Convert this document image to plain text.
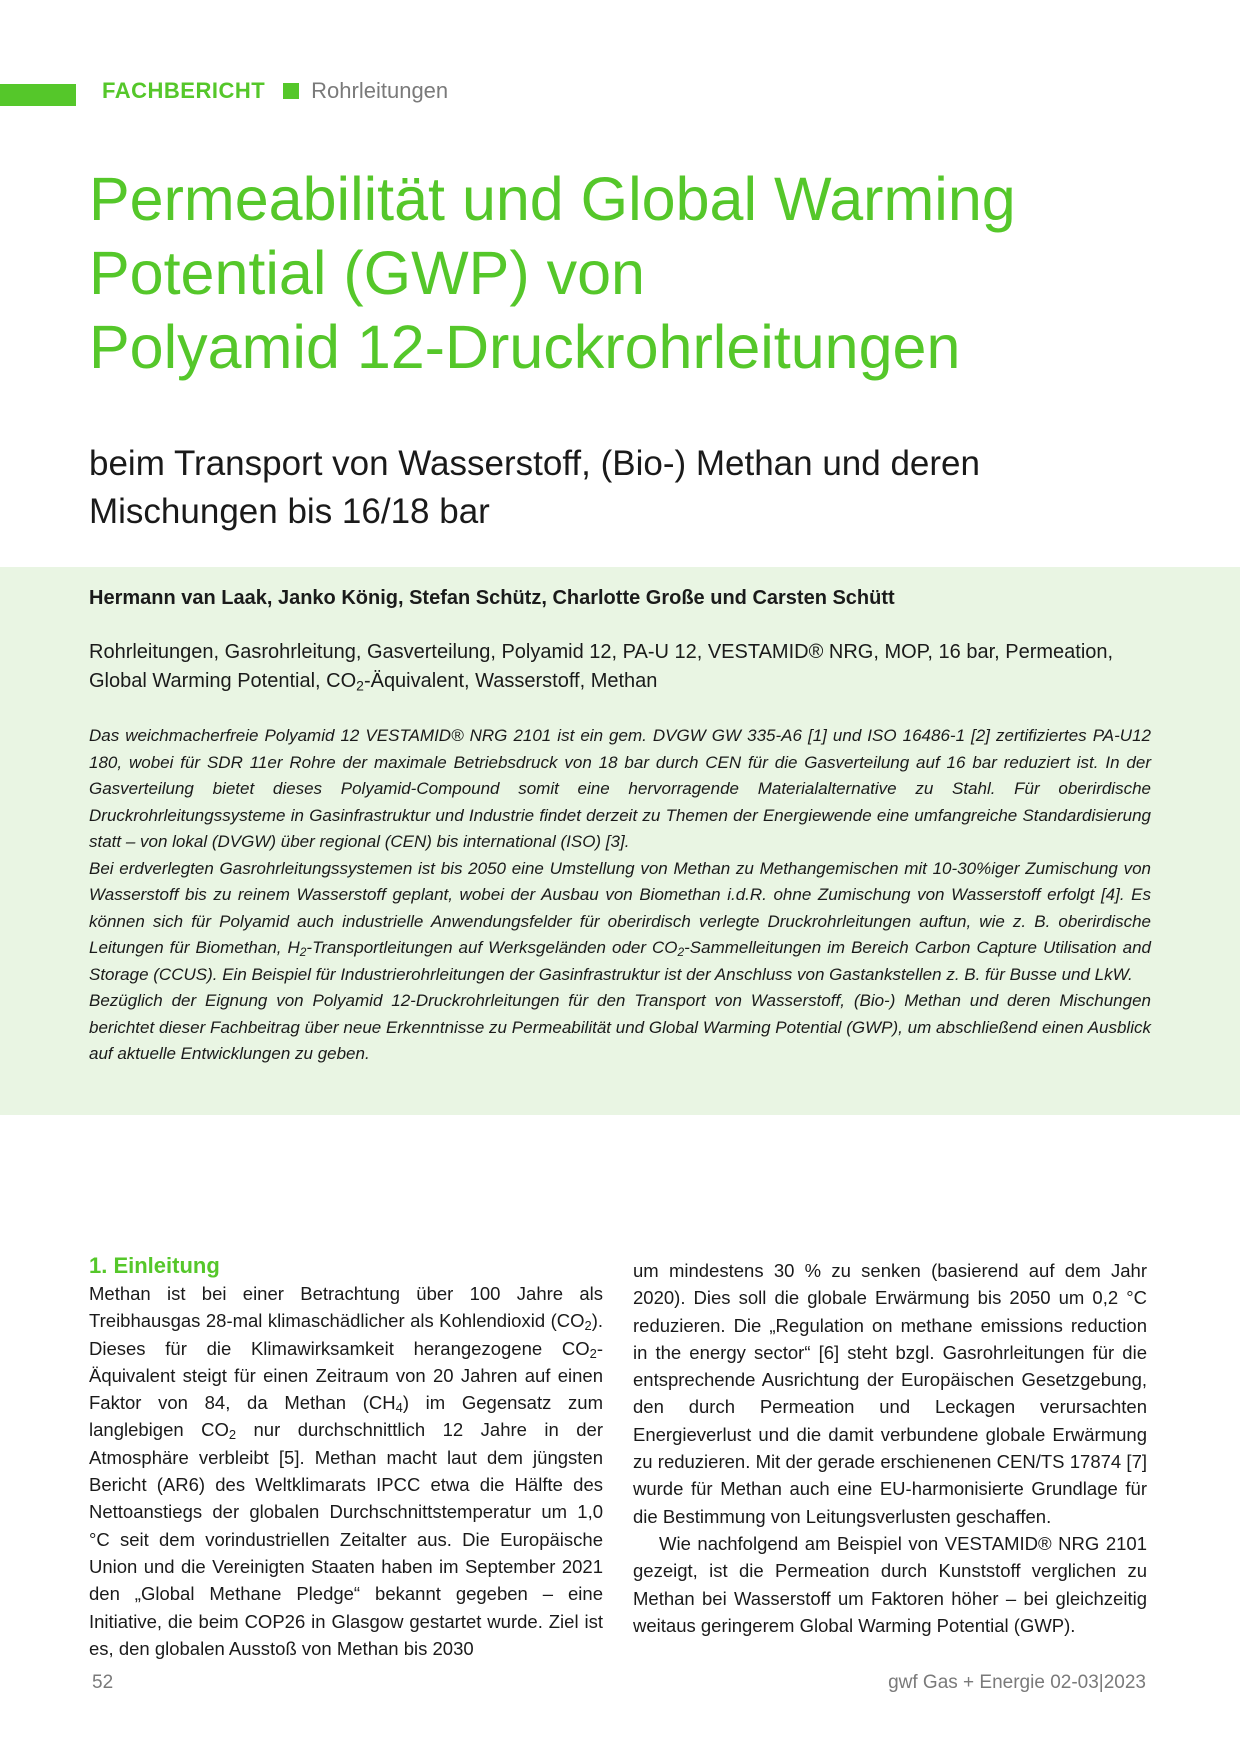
FACHBERICHT Rohrleitungen
Permeabilität und Global Warming
Potential (GWP) von
Polyamid 12-Druckrohrleitungen
beim Transport von Wasserstoff, (Bio-) Methan und deren
Mischungen bis 16/18 bar
Hermann van Laak, Janko König, Stefan Schütz, Charlotte Große und Carsten Schütt
Rohrleitungen, Gasrohrleitung, Gasverteilung, Polyamid 12, PA-U 12, VESTAMID® NRG, MOP, 16 bar, Permeation,
Global Warming Potential, $CO_2$-Äquivalent, Wasserstoff, Methan

Das weichmacherfreie Polyamid 12 VESTAMID® NRG 2101 ist ein gem. DVGW GW 335-A6 [1] und ISO 16486-1 [2] zertifiziertes PA-U12 180, wobei für SDR 11er Rohre der maximale Betriebsdruck von 18 bar durch CEN für die Gasverteilung auf 16 bar reduziert ist. In der Gasverteilung bietet dieses Polyamid-Compound somit eine hervorragende Materialalternative zu Stahl. Für oberirdische Druckrohrleitungssysteme in Gasinfrastruktur und Industrie findet derzeit zu Themen der Energiewende eine umfangreiche Standardisierung statt – von lokal (DVGW) über regional (CEN) bis international (ISO) [3].

Bei erdverlegten Gasrohrleitungssystemen ist bis 2050 eine Umstellung von Methan zu Methangemischen mit 10-30%iger Zumischung von Wasserstoff bis zu reinem Wasserstoff geplant, wobei der Ausbau von Biomethan i.d.R. ohne Zumischung von Wasserstoff erfolgt [4]. Es können sich für Polyamid auch industrielle Anwendungsfelder für oberirdisch verlegte Druckrohrleitungen auftun, wie z. B. oberirdische Leitungen für Biomethan, $H_2$-Transportleitungen auf Werksgeländen oder $CO_2$-Sammelleitungen im Bereich Carbon Capture Utilisation and Storage (CCUS). Ein Beispiel für Industrierohrleitungen der Gasinfrastruktur ist der Anschluss von Gastankstellen z. B. für Busse und LkW.

Bezüglich der Eignung von Polyamid 12-Druckrohrleitungen für den Transport von Wasserstoff, (Bio-) Methan und deren Mischungen berichtet dieser Fachbeitrag über neue Erkenntnisse zu Permeabilität und Global Warming Potential (GWP), um abschließend einen Ausblick auf aktuelle Entwicklungen zu geben.

1. Einleitung

Methan ist bei einer Betrachtung über 100 Jahre als Treibhausgas 28-mal klimaschädlicher als Kohlendioxid $(CO_2)$. Dieses für die Klimawirksamkeit herangezogene $CO_2$-Äquivalent steigt für einen Zeitraum von 20 Jahren auf einen Faktor von 84, da Methan $(CH_4)$ im Gegensatz zum langlebigen $CO_2$ nur durchschnittlich 12 Jahre in der Atmosphäre verbleibt [5]. Methan macht laut dem jüngsten Bericht (AR6) des Weltklimarats IPCC etwa die Hälfte des Nettoanstiegs der globalen Durchschnittstemperatur um 1,0 °C seit dem vorindustriellen Zeitalter aus. Die Europäische Union und die Vereinigten Staaten haben im September 2021 den „Global Methane Pledge“ bekannt gegeben – eine Initiative, die beim COP26 in Glasgow gestartet wurde. Ziel ist es, den globalen Ausstoß von Methan bis 2030

um mindestens 30 % zu senken (basierend auf dem Jahr 2020). Dies soll die globale Erwärmung bis 2050 um 0,2 °C reduzieren. Die „Regulation on methane emissions reduction in the energy sector“ [6] steht bzgl. Gasrohrleitungen für die entsprechende Ausrichtung der Europäischen Gesetzgebung, den durch Permeation und Leckagen verursachten Energieverlust und die damit verbundene globale Erwärmung zu reduzieren. Mit der gerade erschienenen CEN/TS 17874 [7] wurde für Methan auch eine EU-harmonisierte Grundlage für die Bestimmung von Leitungsverlusten geschaffen.

Wie nachfolgend am Beispiel von VESTAMID® NRG 2101 gezeigt, ist die Permeation durch Kunststoff verglichen zu Methan bei Wasserstoff um Faktoren höher – bei gleichzeitig weitaus geringerem Global Warming Potential (GWP).

52	gwf Gas + Energie 02-03|2023
